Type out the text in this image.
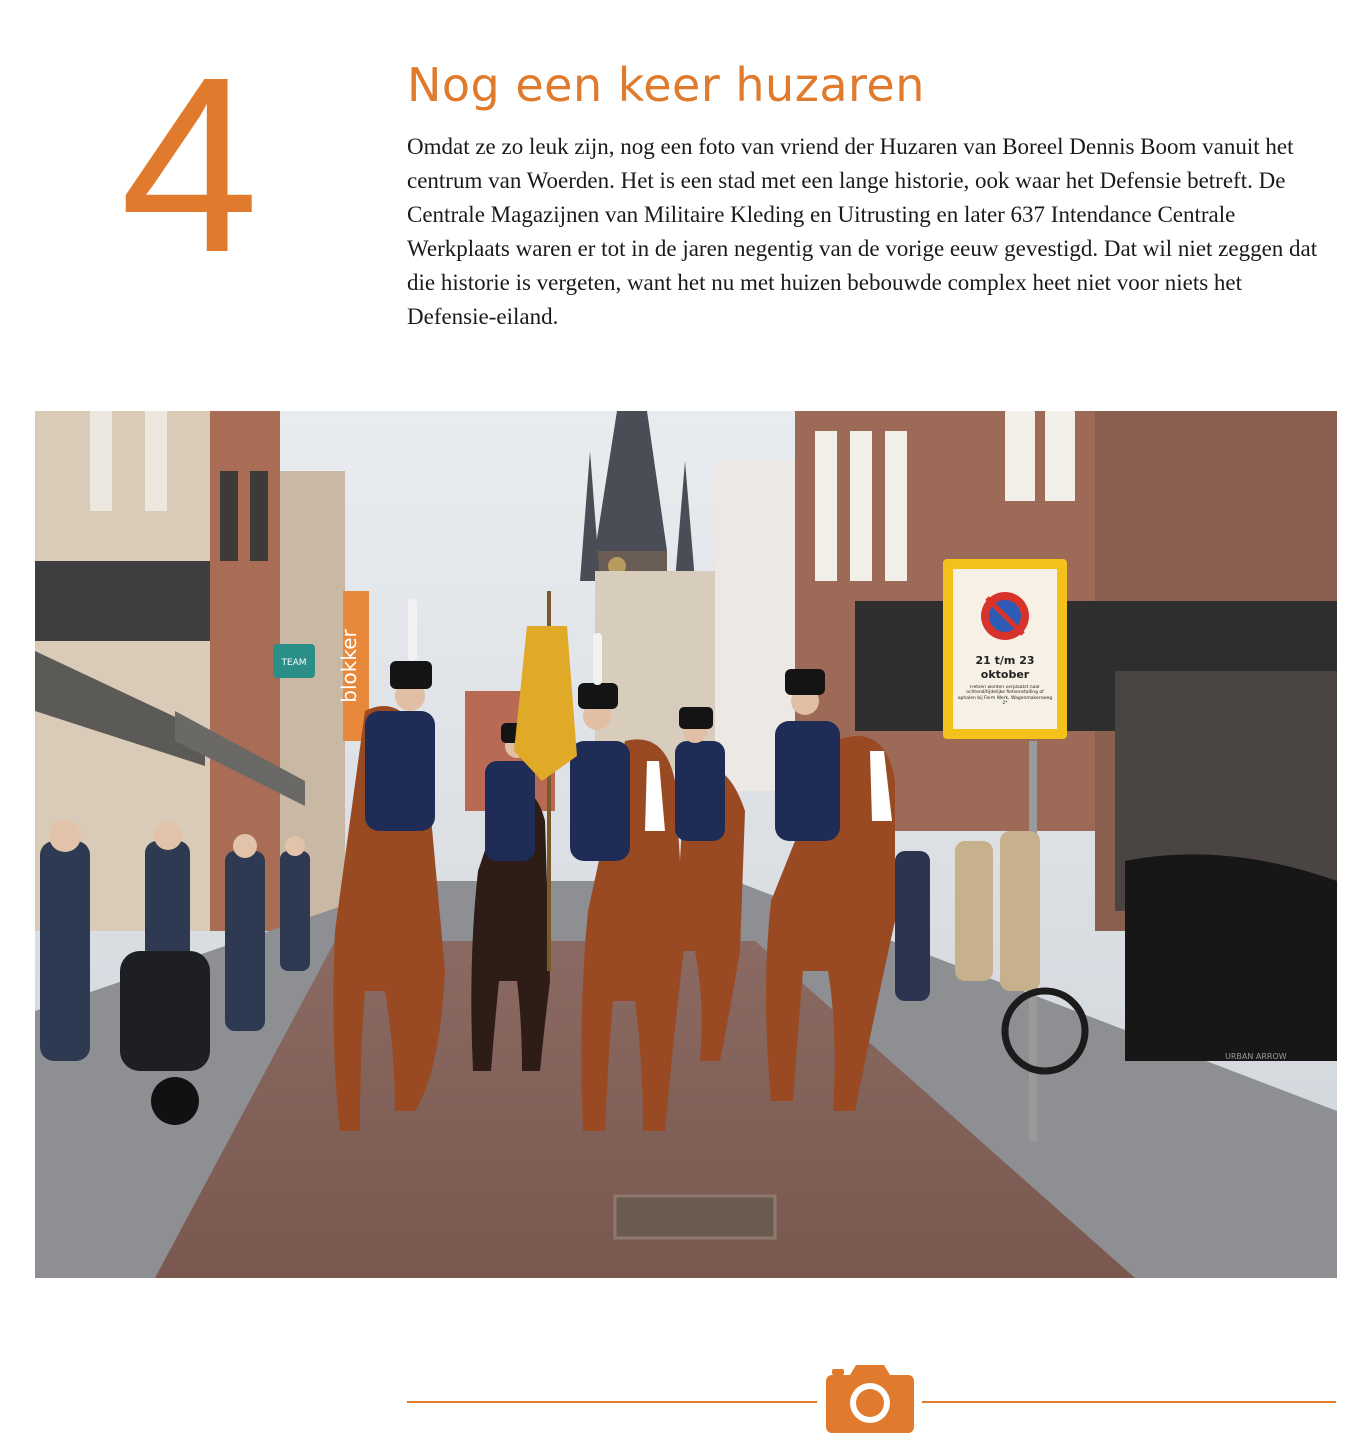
4	Nog een keer huzaren

Omdat ze zo leuk zijn, nog een foto van vriend der Huzaren van Boreel Dennis Boom vanuit het centrum van Woerden. Het is een stad met een lange historie, ook waar het Defensie betreft. De Centrale Magazijnen van Militaire Kleding en Uitrusting en later 637 Intendance Centrale Werkplaats waren er tot in de jaren negentig van de vorige eeuw gevestigd. Dat wil niet zeggen dat die historie is vergeten, want het nu met huizen bebouwde complex heet niet voor niets het Defensie-eiland.

blokker
TEAM	21 t/m 23
oktober
Fietsen worden verplaatst naar ochtend/tijdelijke fietsenstalling of ophalen bij Ferm Werk, Wagenmakersweg 2*
URBAN ARROW
